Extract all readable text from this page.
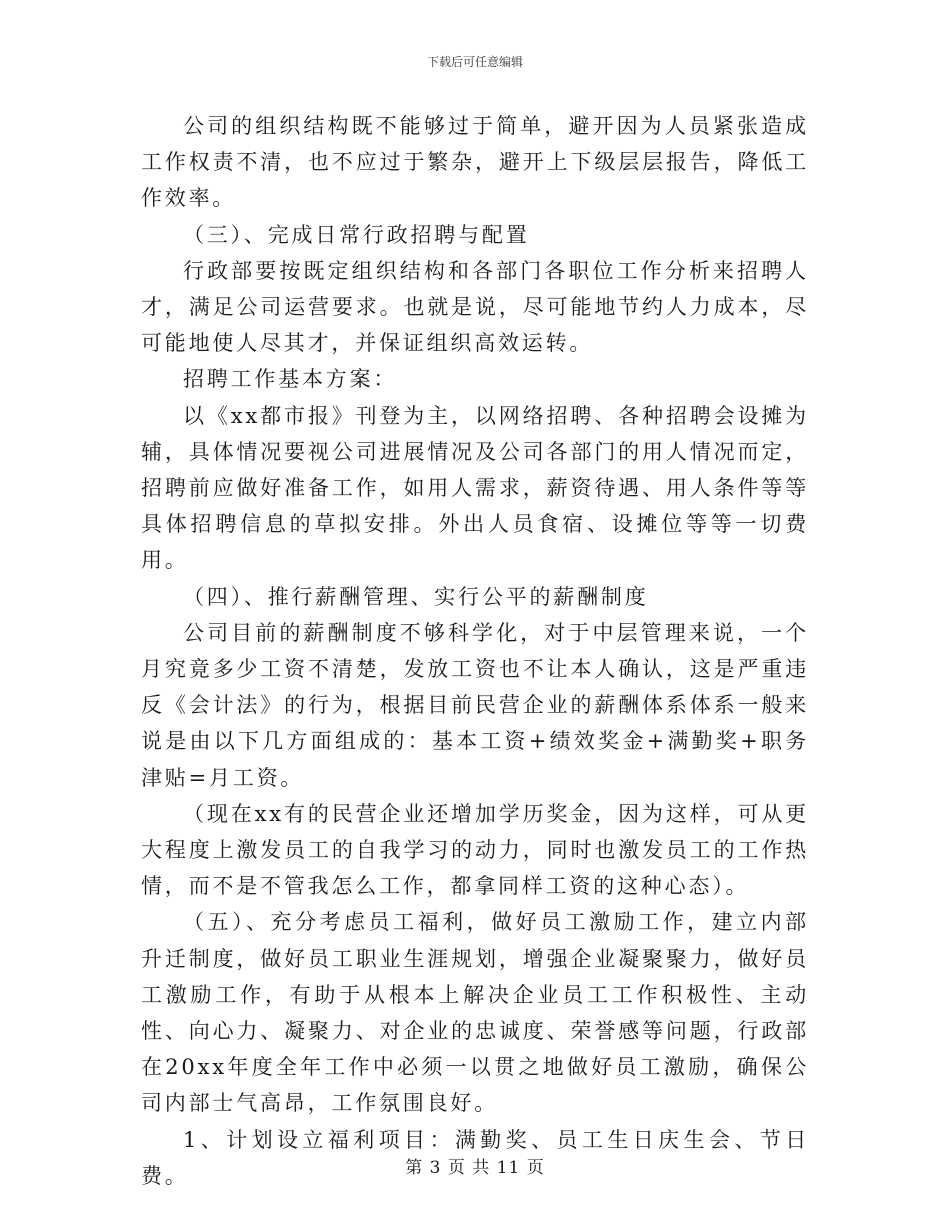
下载后可任意编辑

公司的组织结构既不能够过于简单，避开因为人员紧张造成工作权责不清，也不应过于繁杂，避开上下级层层报告，降低工作效率。

（三）、完成日常行政招聘与配置

行政部要按既定组织结构和各部门各职位工作分析来招聘人才，满足公司运营要求。也就是说，尽可能地节约人力成本，尽可能地使人尽其才，并保证组织高效运转。

招聘工作基本方案：

以《xx都市报》刊登为主，以网络招聘、各种招聘会设摊为辅，具体情况要视公司进展情况及公司各部门的用人情况而定，招聘前应做好准备工作，如用人需求，薪资待遇、用人条件等等具体招聘信息的草拟安排。外出人员食宿、设摊位等等一切费用。

（四）、推行薪酬管理、实行公平的薪酬制度

公司目前的薪酬制度不够科学化，对于中层管理来说，一个月究竟多少工资不清楚，发放工资也不让本人确认，这是严重违反《会计法》的行为，根据目前民营企业的薪酬体系体系一般来说是由以下几方面组成的：基本工资+绩效奖金+满勤奖+职务津贴=月工资。

（现在xx有的民营企业还增加学历奖金，因为这样，可从更大程度上激发员工的自我学习的动力，同时也激发员工的工作热情，而不是不管我怎么工作，都拿同样工资的这种心态）。

（五）、充分考虑员工福利，做好员工激励工作，建立内部升迁制度，做好员工职业生涯规划，增强企业凝聚聚力，做好员工激励工作，有助于从根本上解决企业员工工作积极性、主动性、向心力、凝聚力、对企业的忠诚度、荣誉感等问题，行政部在20xx年度全年工作中必须一以贯之地做好员工激励，确保公司内部士气高昂，工作氛围良好。

1、计划设立福利项目：满勤奖、员工生日庆生会、节日费。	第 3 页 共 11 页
